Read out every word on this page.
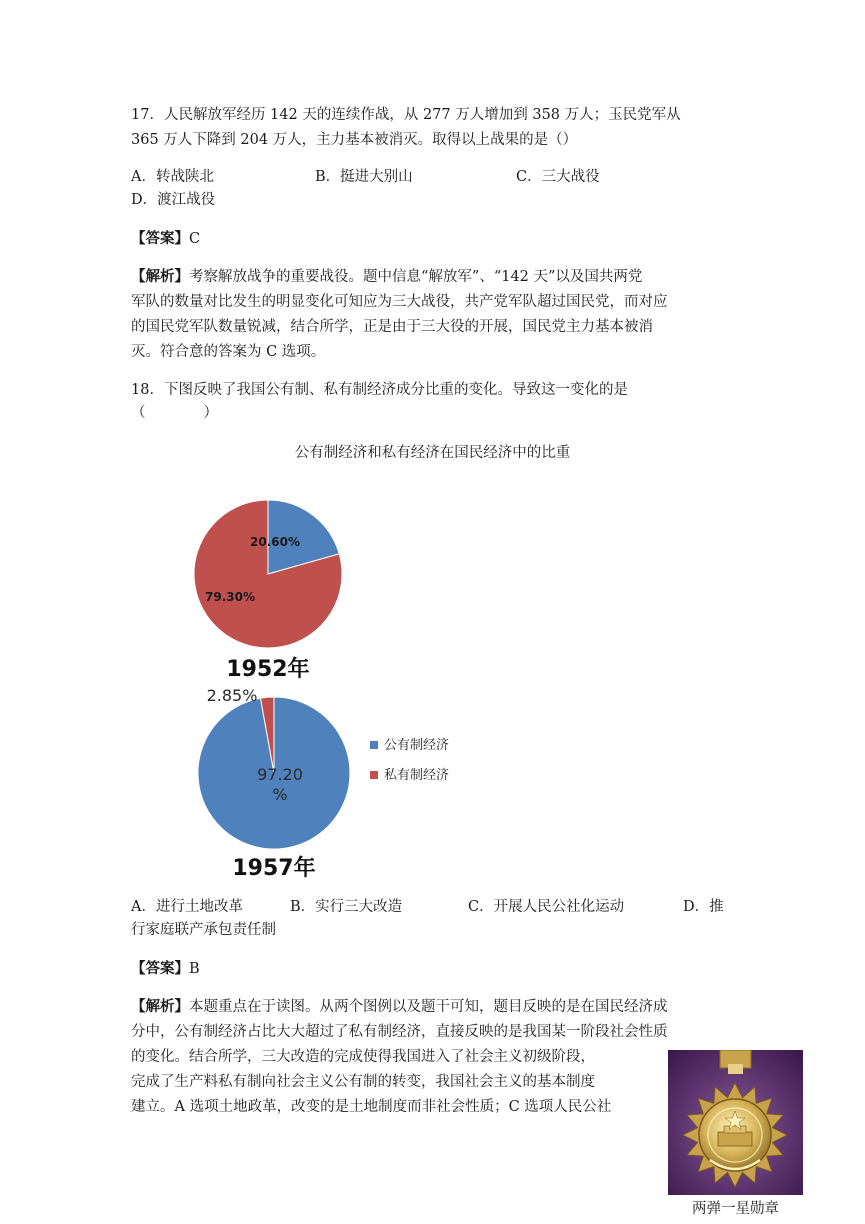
17．人民解放军经历 142 天的连续作战，从 277 万人增加到 358 万人；玉民党军从
365 万人下降到 204 万人，主力基本被消灭。取得以上战果的是（）
A．转战陕北	B．挺进大别山	C．三大战役
D．渡江战役
【答案】C
【解析】考察解放战争的重要战役。题中信息“解放军”、“142 天”以及国共两党
军队的数量对比发生的明显变化可知应为三大战役，共产党军队超过国民党，而对应
的国民党军队数量锐减，结合所学，正是由于三大役的开展，国民党主力基本被消
灭。符合意的答案为 C 选项。
18．下图反映了我国公有制、私有制经济成分比重的变化。导致这一变化的是
（　　　　）
公有制经济和私有经济在国民经济中的比重
20.60%
79.30%
1952年
97.20 %
2.85%
1957年
公有制经济
私有制经济
A．进行土地改革	B．实行三大改造	C．开展人民公社化运动	D．推
行家庭联产承包责任制
【答案】B
【解析】本题重点在于读图。从两个图例以及题干可知，题目反映的是在国民经济成
分中，公有制经济占比大大超过了私有制经济，直接反映的是我国某一阶段社会性质
的变化。结合所学，三大改造的完成使得我国进入了社会主义初级阶段，
完成了生产料私有制向社会主义公有制的转变，我国社会主义的基本制度
建立。A 选项土地政革，改变的是土地制度而非社会性质；C 选项人民公社
两弹一星勋章
